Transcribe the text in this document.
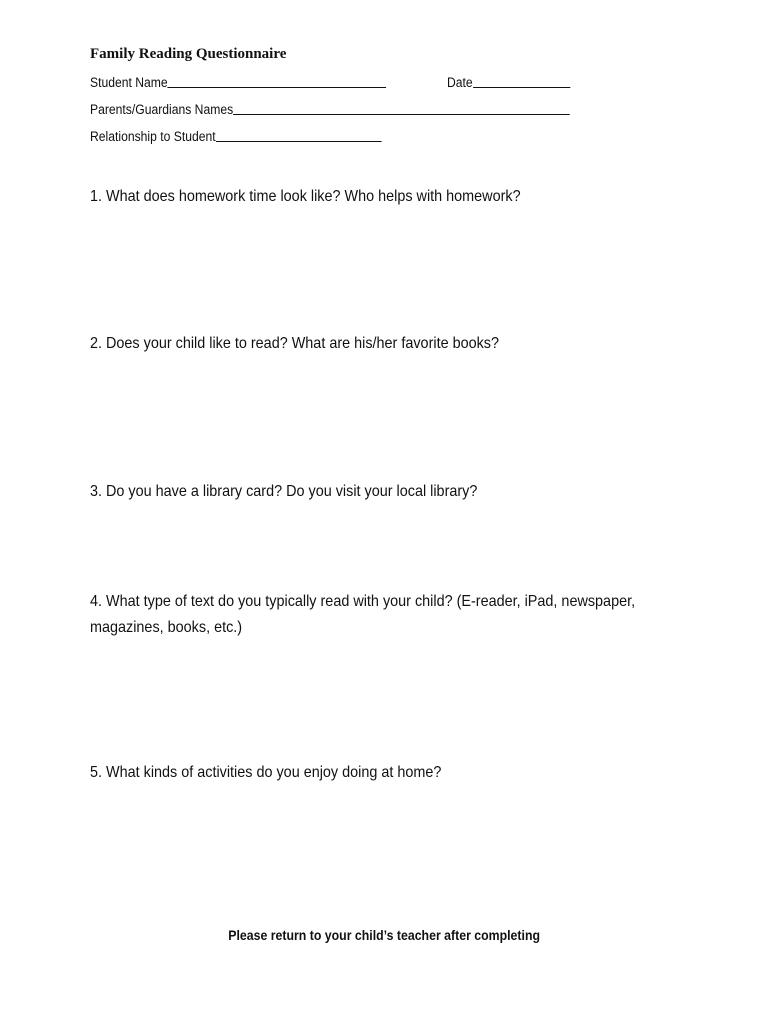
Family Reading Questionnaire
Student Name	Date
Parents/Guardians Names
Relationship to Student
1. What does homework time look like? Who helps with homework?
2. Does your child like to read? What are his/her favorite books?
3. Do you have a library card? Do you visit your local library?
4. What type of text do you typically read with your child? (E-reader, iPad, newspaper, magazines, books, etc.)
5. What kinds of activities do you enjoy doing at home?
Please return to your child’s teacher after completing
